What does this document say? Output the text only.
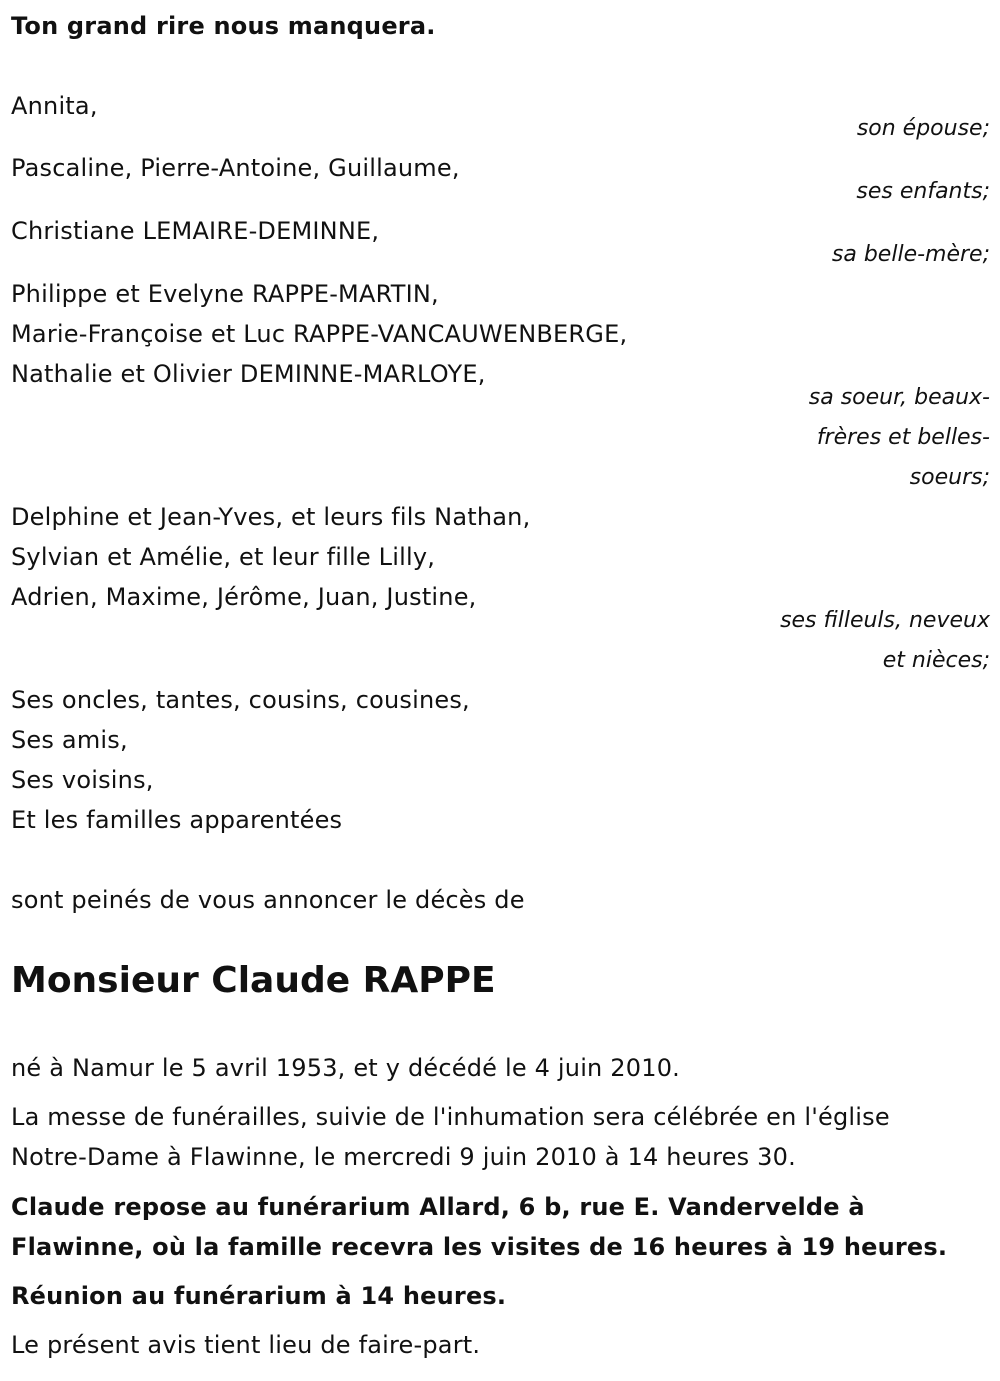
Ton grand rire nous manquera.
Annita,
son épouse;
Pascaline, Pierre-Antoine, Guillaume,
ses enfants;
Christiane LEMAIRE-DEMINNE,
sa belle-mère;
Philippe et Evelyne RAPPE-MARTIN,
Marie-Françoise et Luc RAPPE-VANCAUWENBERGE,
Nathalie et Olivier DEMINNE-MARLOYE,
sa soeur, beaux-
frères et belles-
soeurs;
Delphine et Jean-Yves, et leurs fils Nathan,
Sylvian et Amélie, et leur fille Lilly,
Adrien, Maxime, Jérôme, Juan, Justine,
ses filleuls, neveux
et nièces;
Ses oncles, tantes, cousins, cousines,
Ses amis,
Ses voisins,
Et les familles apparentées
sont peinés de vous annoncer le décès de
Monsieur Claude RAPPE
né à Namur le 5 avril 1953, et y décédé le 4 juin 2010.
La messe de funérailles, suivie de l'inhumation sera célébrée en l'église
Notre-Dame à Flawinne, le mercredi 9 juin 2010 à 14 heures 30.
Claude repose au funérarium Allard, 6 b, rue E. Vandervelde à
Flawinne, où la famille recevra les visites de 16 heures à 19 heures.
Réunion au funérarium à 14 heures.
Le présent avis tient lieu de faire-part.
